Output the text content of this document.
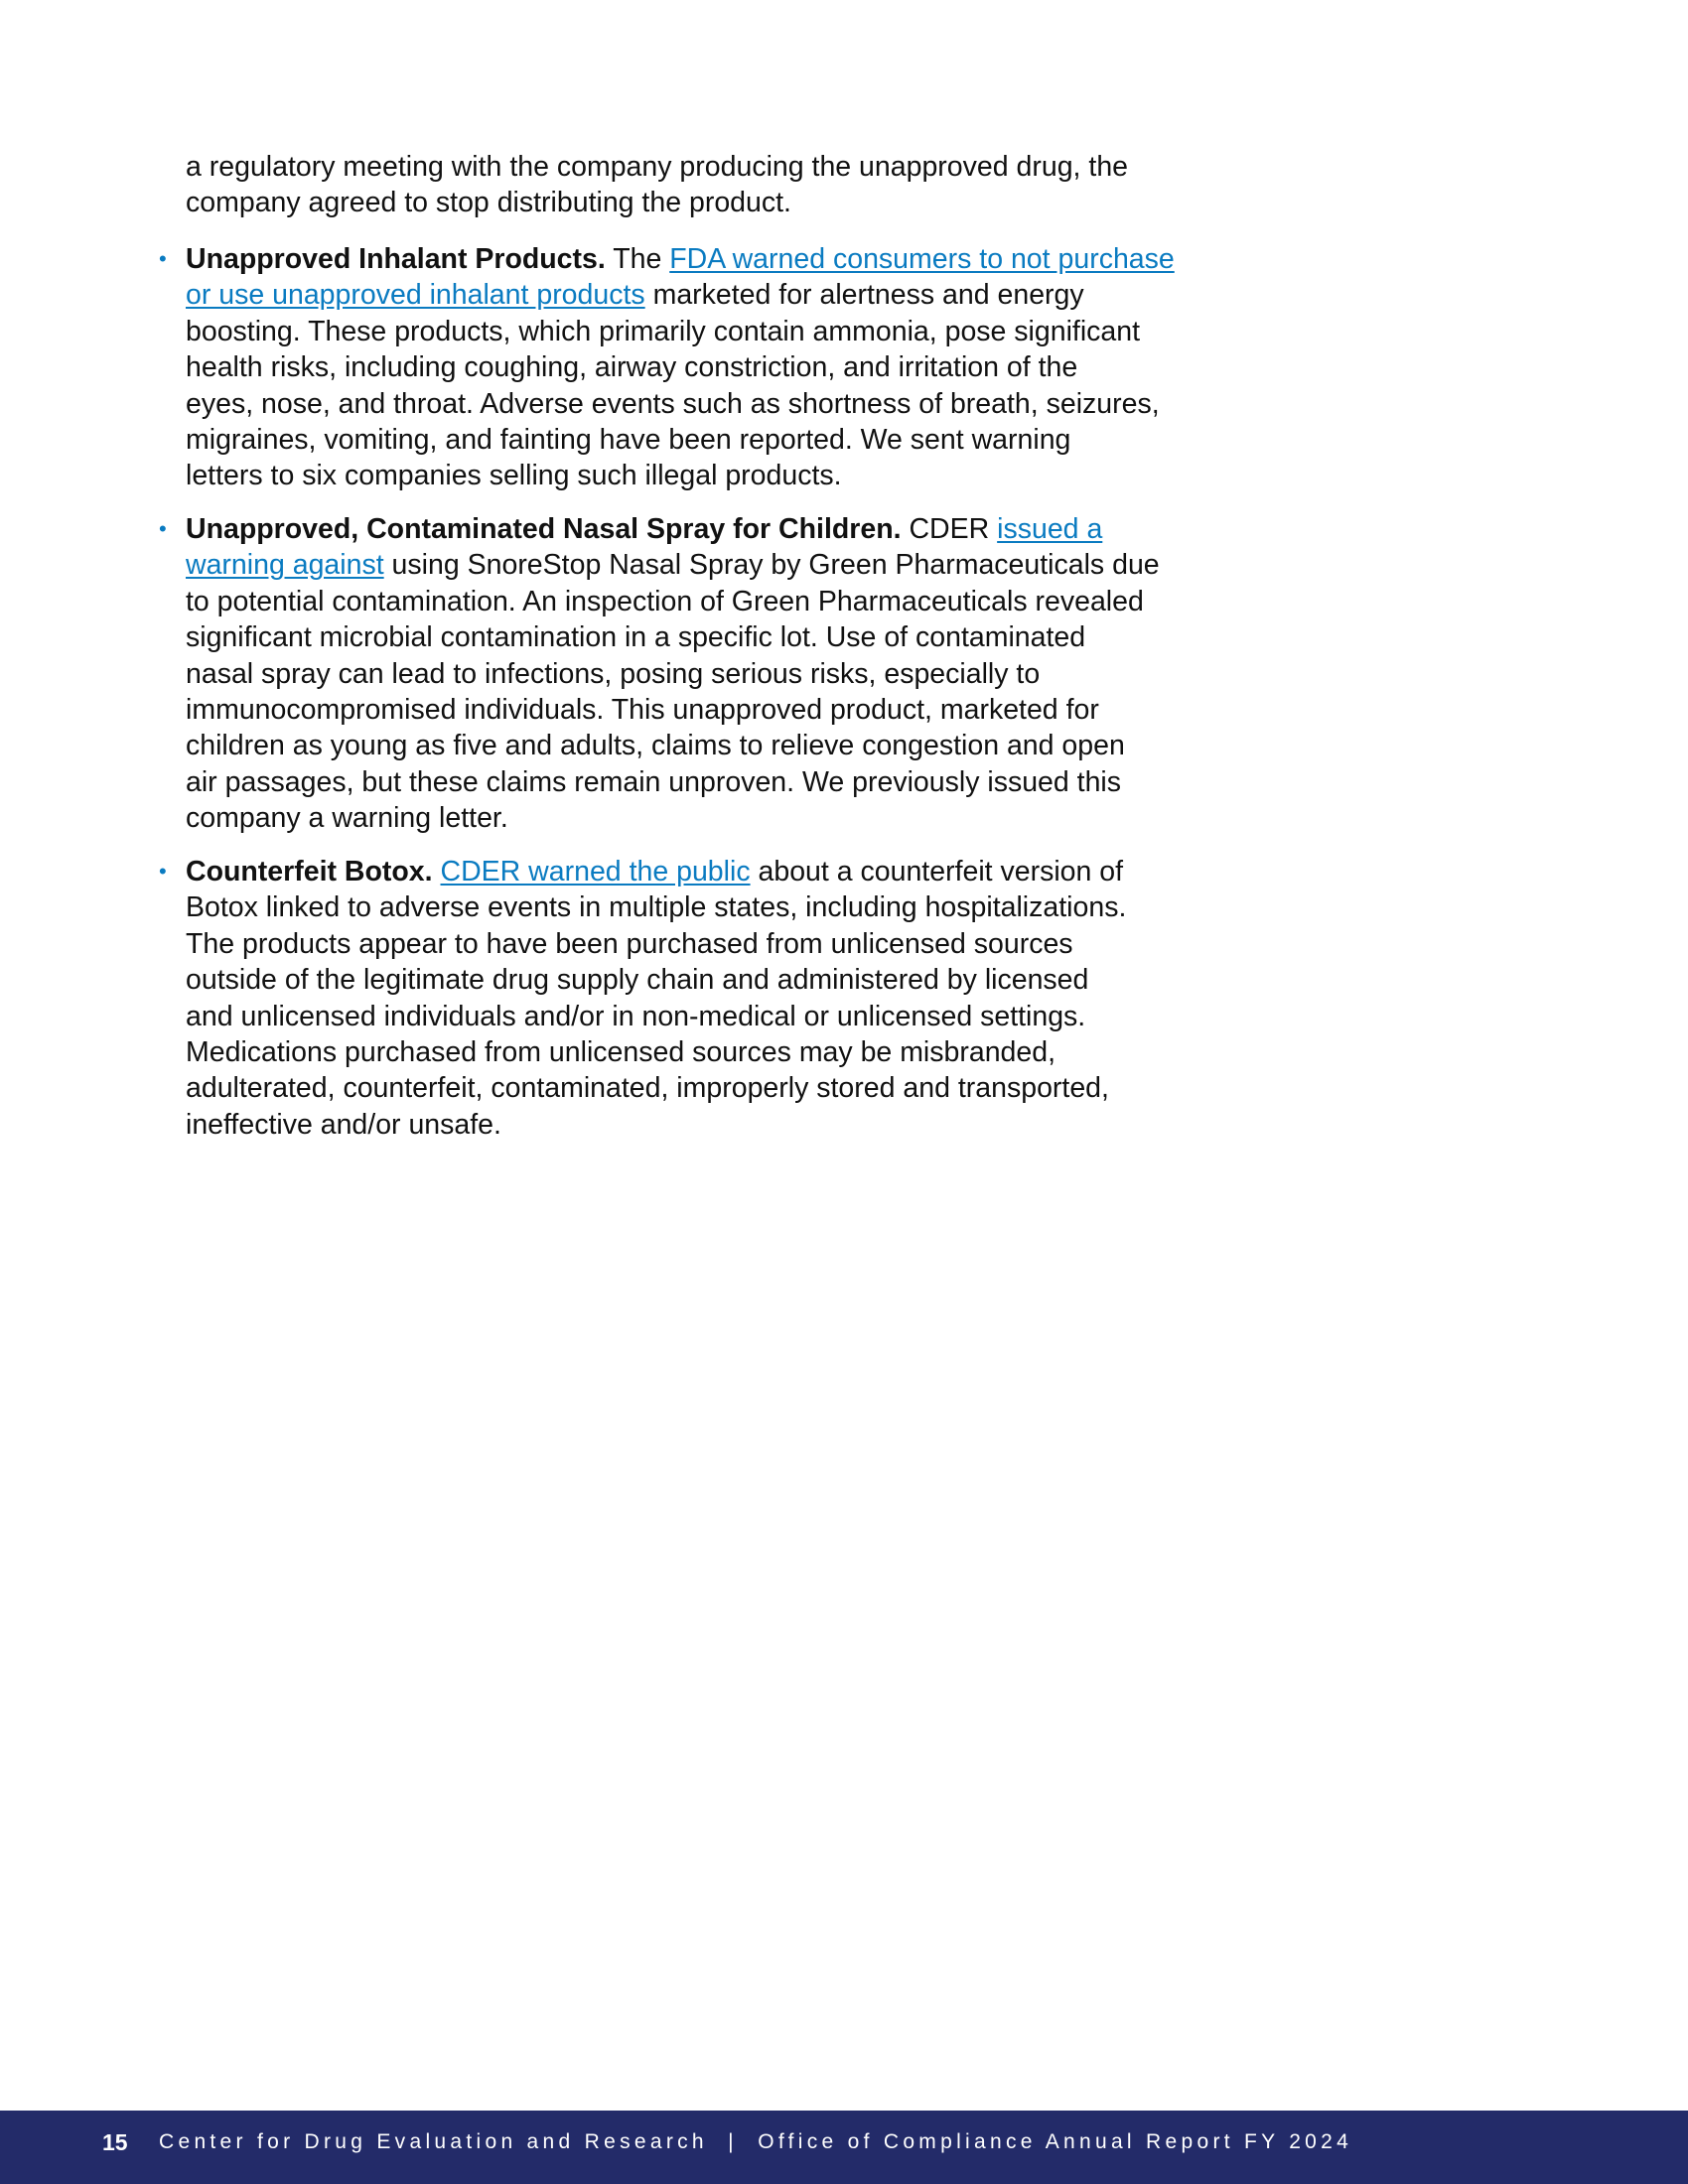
a regulatory meeting with the company producing the unapproved drug, the
company agreed to stop distributing the product.
• Unapproved Inhalant Products. The FDA warned consumers to not purchase
or use unapproved inhalant products marketed for alertness and energy
boosting. These products, which primarily contain ammonia, pose significant
health risks, including coughing, airway constriction, and irritation of the
eyes, nose, and throat. Adverse events such as shortness of breath, seizures,
migraines, vomiting, and fainting have been reported. We sent warning
letters to six companies selling such illegal products.
• Unapproved, Contaminated Nasal Spray for Children. CDER issued a
warning against using SnoreStop Nasal Spray by Green Pharmaceuticals due
to potential contamination. An inspection of Green Pharmaceuticals revealed
significant microbial contamination in a specific lot. Use of contaminated
nasal spray can lead to infections, posing serious risks, especially to
immunocompromised individuals. This unapproved product, marketed for
children as young as five and adults, claims to relieve congestion and open
air passages, but these claims remain unproven. We previously issued this
company a warning letter.
• Counterfeit Botox. CDER warned the public about a counterfeit version of
Botox linked to adverse events in multiple states, including hospitalizations.
The products appear to have been purchased from unlicensed sources
outside of the legitimate drug supply chain and administered by licensed
and unlicensed individuals and/or in non-medical or unlicensed settings.
Medications purchased from unlicensed sources may be misbranded,
adulterated, counterfeit, contaminated, improperly stored and transported,
ineffective and/or unsafe.
15 Center for Drug Evaluation and Research  |  Office of Compliance Annual Report FY 2024
